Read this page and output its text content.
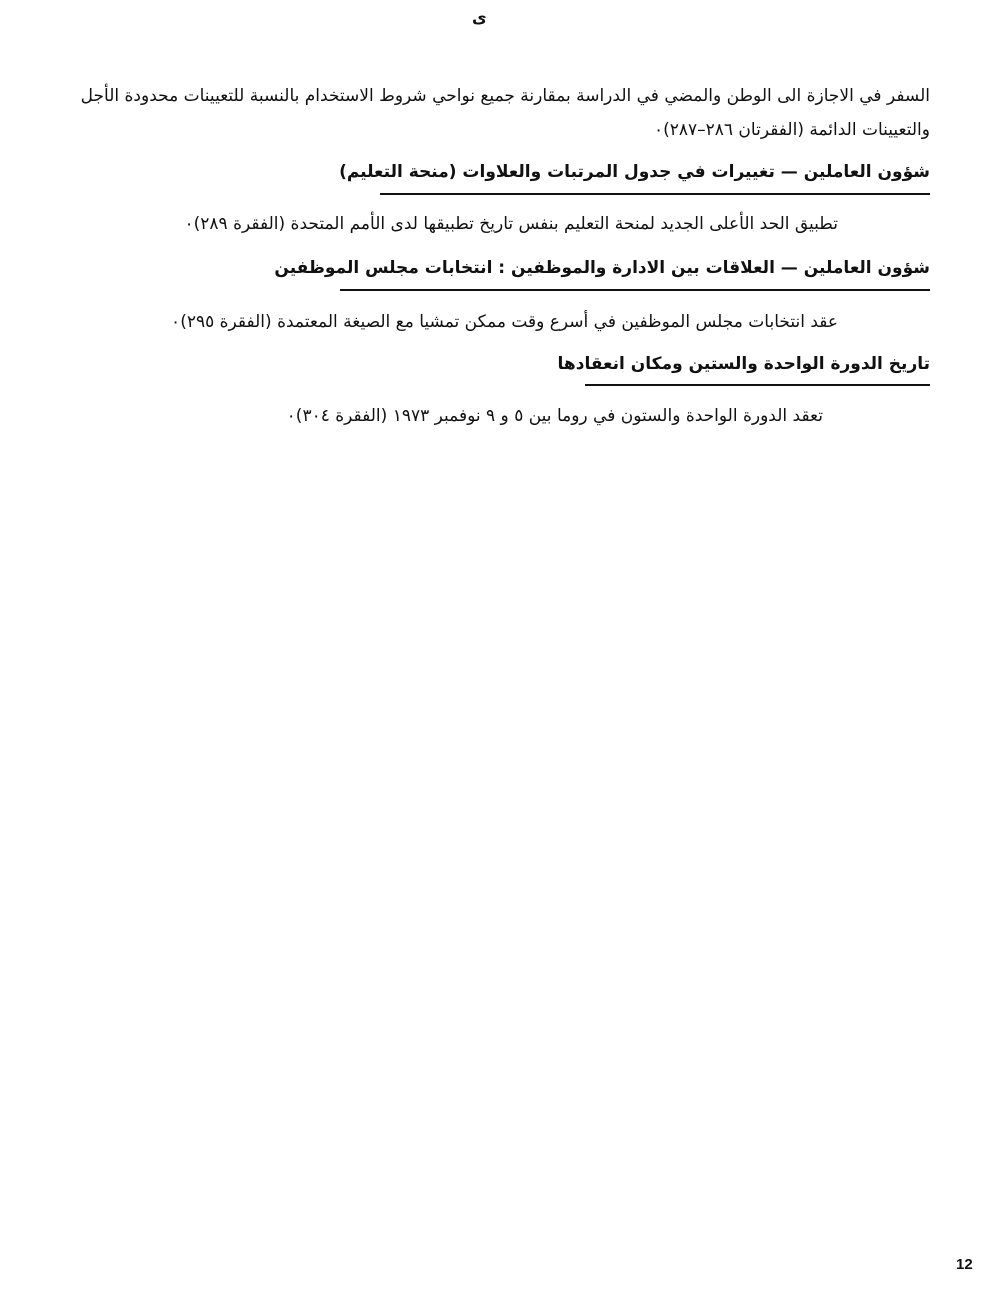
ى
السفر في الاجازة الى الوطن والمضي في الدراسة بمقارنة جميع نواحي شروط الاستخدام بالنسبة للتعيينات محدودة الأجل
والتعيينات الدائمة (الفقرتان ٢٨٦–٢٨٧)٠
شؤون العاملين — تغييرات في جدول المرتبات والعلاوات (منحة التعليم)
تطبيق الحد الأعلى الجديد لمنحة التعليم بنفس تاريخ تطبيقها لدى الأمم المتحدة (الفقرة ٢٨٩)٠
شؤون العاملين — العلاقات بين الادارة والموظفين : انتخابات مجلس الموظفين
عقد انتخابات مجلس الموظفين في أسرع وقت ممكن تمشيا مع الصيغة المعتمدة (الفقرة ٢٩٥)٠
تاريخ الدورة الواحدة والستين ومكان انعقادها
تعقد الدورة الواحدة والستون في روما بين ٥ و ٩ نوفمبر ١٩٧٣ (الفقرة ٣٠٤)٠
12
